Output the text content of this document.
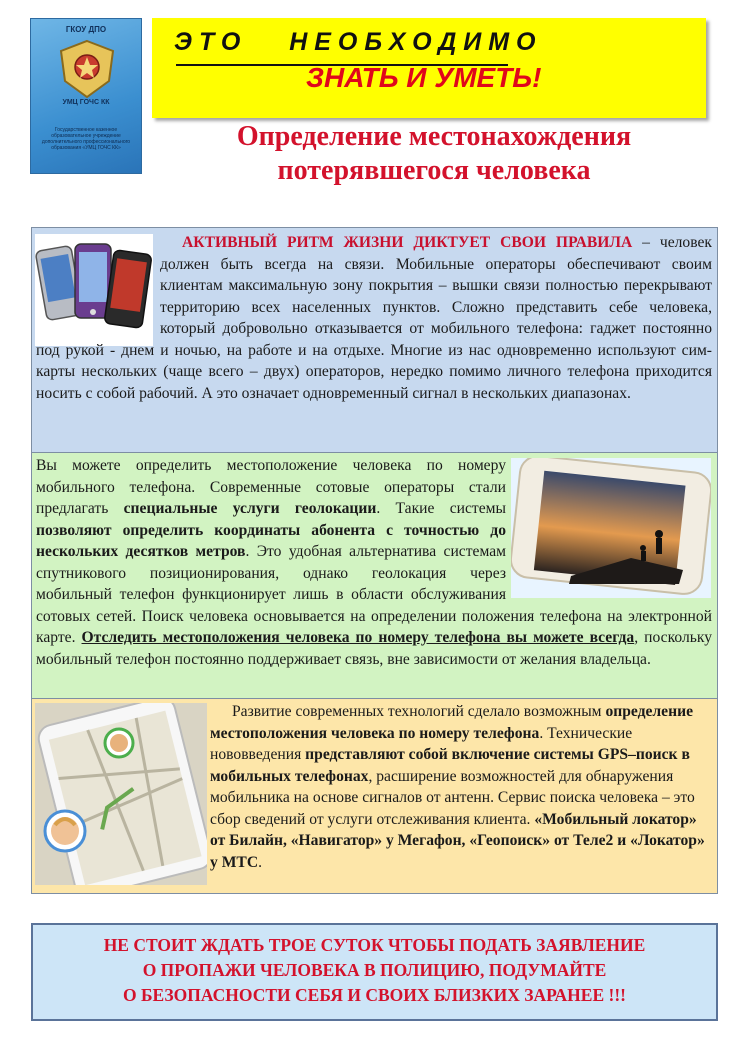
ГКОУ ДПО
УМЦ ГОЧС КК
Государственное казенное образовательное учреждение дополнительного профессионального образования «УМЦ ГОЧС КК»
ЭТО   НЕОБХОДИМО
ЗНАТЬ И УМЕТЬ!
Определение местонахождения потерявшегося человека

АКТИВНЫЙ РИТМ ЖИЗНИ ДИКТУЕТ СВОИ ПРАВИЛА – человек должен быть всегда на связи. Мобильные операторы обеспечивают своим клиентам максимальную зону покрытия – вышки связи полностью перекрывают территорию всех населенных пунктов. Сложно представить себе человека, который добровольно отказывается от мобильного телефона: гаджет постоянно под рукой - днем и ночью, на работе и на отдыхе. Многие из нас одновременно используют сим-карты нескольких (чаще всего – двух) операторов, нередко помимо личного телефона приходится носить с собой рабочий. А это означает одновременный сигнал в нескольких диапазонах.

Вы можете определить местоположение человека по номеру мобильного телефона. Современные сотовые операторы стали предлагать специальные услуги геолокации. Такие системы позволяют определить координаты абонента с точностью до нескольких десятков метров. Это удобная альтернатива системам спутникового позиционирования, однако геолокация через мобильный телефон функционирует лишь в области обслуживания сотовых сетей. Поиск человека основывается на определении положения телефона на электронной карте. Отследить местоположения человека по номеру телефона вы можете всегда, поскольку мобильный телефон постоянно поддерживает связь, вне зависимости от желания владельца.

Развитие современных технологий сделало возможным определение местоположения человека по номеру телефона. Технические нововведения представляют собой включение системы GPS–поиск в мобильных телефонах, расширение возможностей для обнаружения мобильника на основе сигналов от антенн. Сервис поиска человека – это сбор сведений от услуги отслеживания клиента. «Мобильный локатор» от Билайн, «Навигатор» у Мегафон, «Геопоиск» от Теле2 и «Локатор» у МТС.

НЕ СТОИТ ЖДАТЬ ТРОЕ СУТОК ЧТОБЫ ПОДАТЬ ЗАЯВЛЕНИЕ
О ПРОПАЖИ ЧЕЛОВЕКА В ПОЛИЦИЮ, ПОДУМАЙТЕ
О БЕЗОПАСНОСТИ СЕБЯ И СВОИХ БЛИЗКИХ ЗАРАНЕЕ !!!
